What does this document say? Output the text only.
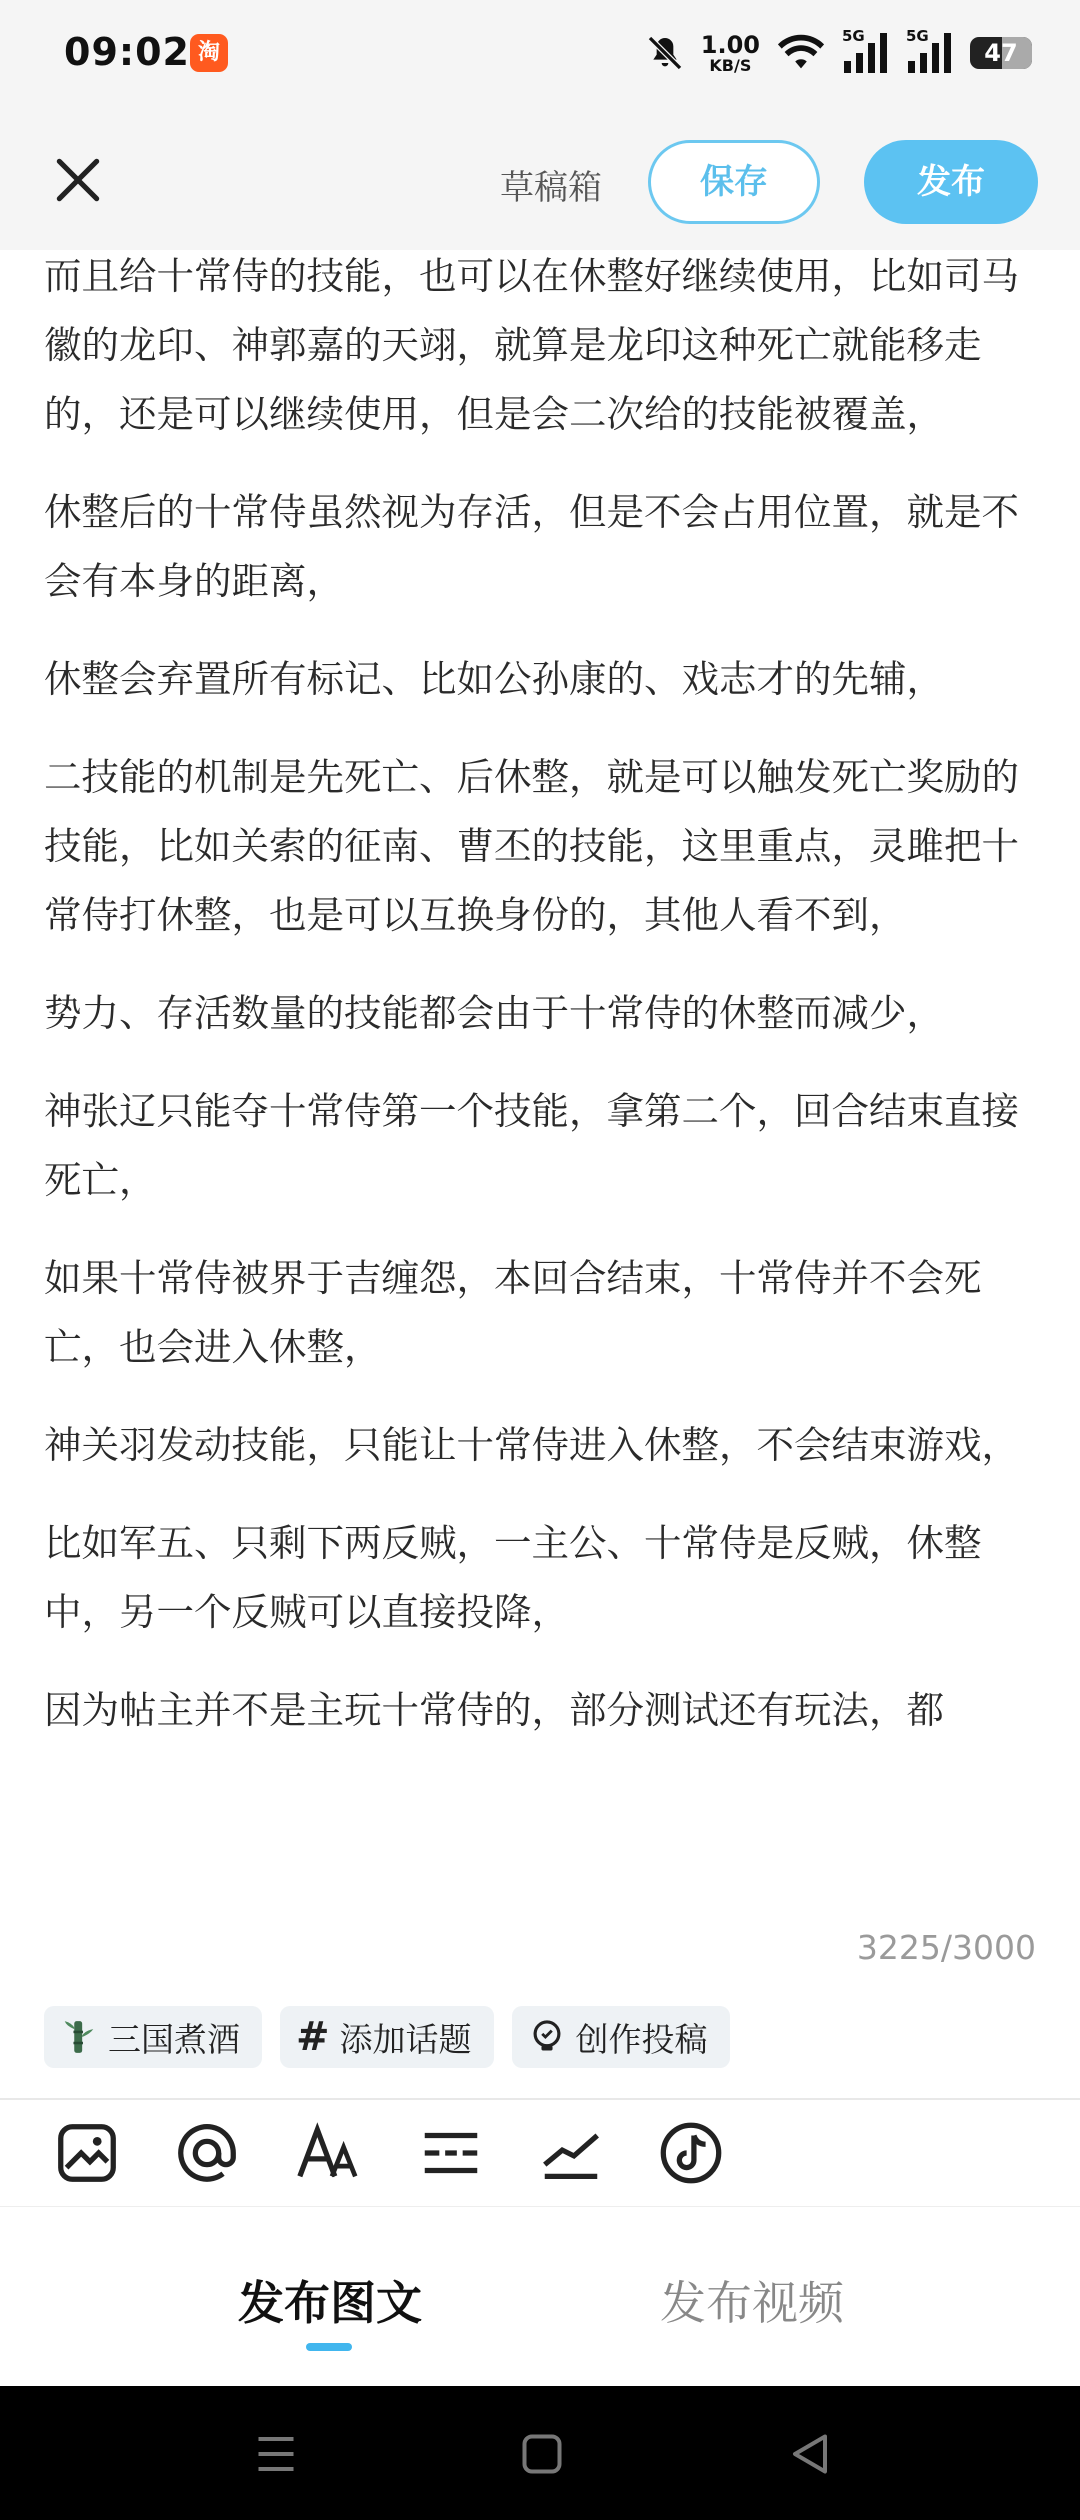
09:02 淘	1.00
KB/S
5G	5G
47
草稿箱	保存	发布

而且给十常侍的技能，也可以在休整好继续使用，比如司马徽的龙印、神郭嘉的天翊，就算是龙印这种死亡就能移走的，还是可以继续使用，但是会二次给的技能被覆盖，

休整后的十常侍虽然视为存活，但是不会占用位置，就是不会有本身的距离，

休整会弃置所有标记、比如公孙康的、戏志才的先辅，

二技能的机制是先死亡、后休整，就是可以触发死亡奖励的技能，比如关索的征南、曹丕的技能，这里重点，灵雎把十常侍打休整，也是可以互换身份的，其他人看不到，

势力、存活数量的技能都会由于十常侍的休整而减少，

神张辽只能夺十常侍第一个技能，拿第二个，回合结束直接死亡，

如果十常侍被界于吉缠怨，本回合结束，十常侍并不会死亡，也会进入休整，

神关羽发动技能，只能让十常侍进入休整，不会结束游戏，

比如军五、只剩下两反贼，一主公、十常侍是反贼，休整中，另一个反贼可以直接投降，

因为帖主并不是主玩十常侍的，部分测试还有玩法，都

3225/3000
三国煮酒 # 添加话题	创作投稿
发布图文	发布视频
